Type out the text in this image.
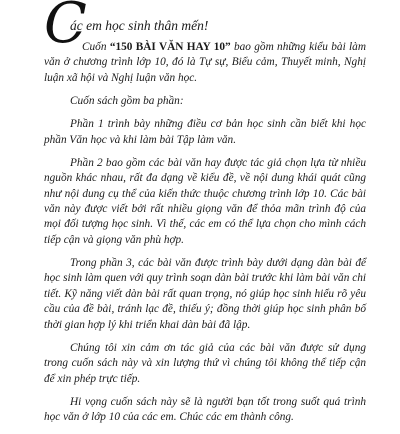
C
ác em học sinh thân mến!

Cuốn “150 BÀI VĂN HAY 10” bao gồm những kiểu bài làm văn ở chương trình lớp 10, đó là Tự sự, Biểu cảm, Thuyết minh, Nghị luận xã hội và Nghị luận văn học.

Cuốn sách gồm ba phần:

Phần 1 trình bày những điều cơ bản học sinh cần biết khi học phần Văn học và khi làm bài Tập làm văn.

Phần 2 bao gồm các bài văn hay được tác giả chọn lựa từ nhiều nguồn khác nhau, rất đa dạng về kiểu đề, về nội dung khái quát cũng như nội dung cụ thể của kiến thức thuộc chương trình lớp 10. Các bài văn này được viết bởi rất nhiều giọng văn để thỏa mãn trình độ của mọi đối tượng học sinh. Vì thế, các em có thể lựa chọn cho mình cách tiếp cận và giọng văn phù hợp.

Trong phần 3, các bài văn được trình bày dưới dạng dàn bài để học sinh làm quen với quy trình soạn dàn bài trước khi làm bài văn chi tiết. Kỹ năng viết dàn bài rất quan trọng, nó giúp học sinh hiểu rõ yêu cầu của đề bài, tránh lạc đề, thiếu ý; đồng thời giúp học sinh phân bố thời gian hợp lý khi triển khai dàn bài đã lập.

Chúng tôi xin cảm ơn tác giả của các bài văn được sử dụng trong cuốn sách này và xin lượng thứ vì chúng tôi không thể tiếp cận để xin phép trực tiếp.

Hi vọng cuốn sách này sẽ là người bạn tốt trong suốt quá trình học văn ở lớp 10 của các em. Chúc các em thành công.
